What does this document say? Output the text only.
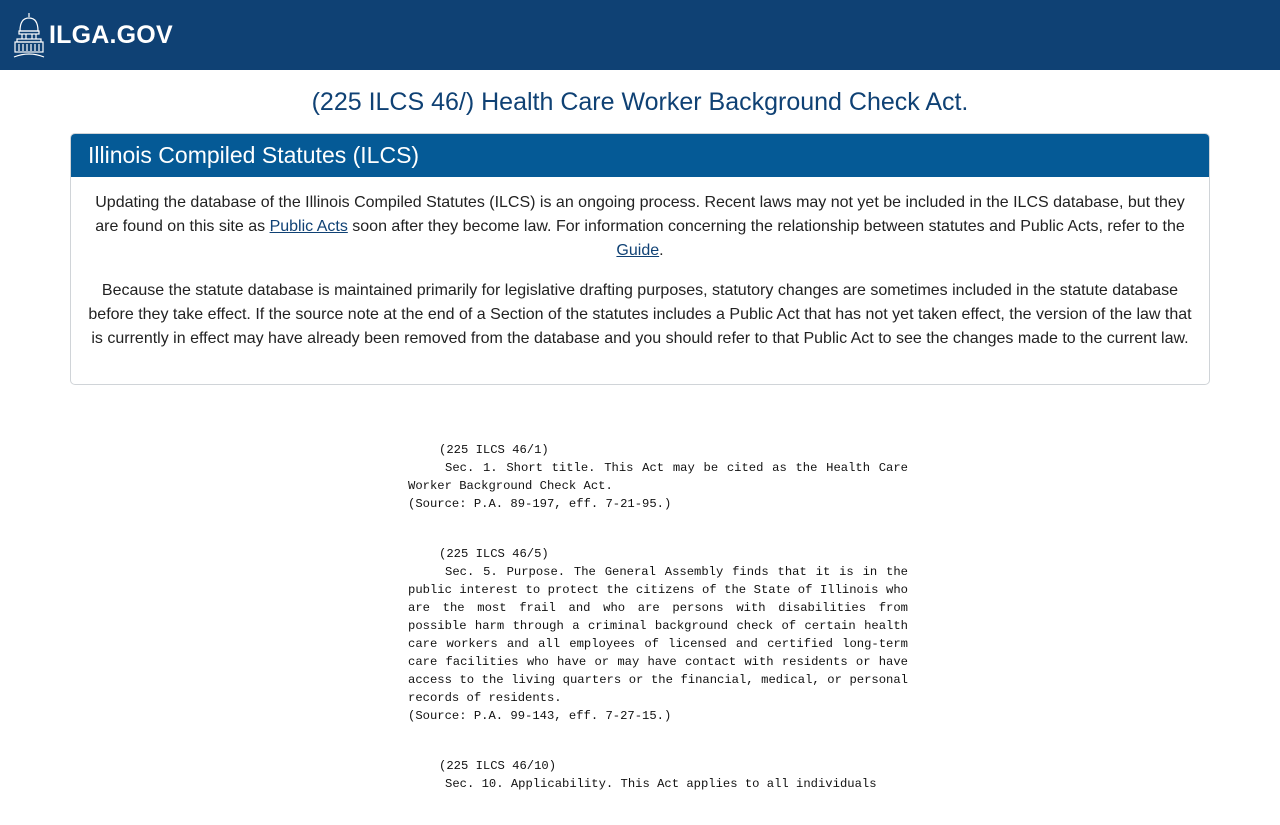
ILGA.GOV
(225 ILCS 46/) Health Care Worker Background Check Act.
Illinois Compiled Statutes (ILCS)

Updating the database of the Illinois Compiled Statutes (ILCS) is an ongoing process. Recent laws may not yet be included in the ILCS database, but they are found on this site as Public Acts soon after they become law. For information concerning the relationship between statutes and Public Acts, refer to the Guide.

Because the statute database is maintained primarily for legislative drafting purposes, statutory changes are sometimes included in the statute database before they take effect. If the source note at the end of a Section of the statutes includes a Public Act that has not yet taken effect, the version of the law that is currently in effect may have already been removed from the database and you should refer to that Public Act to see the changes made to the current law.

(225 ILCS 46/1)
Sec. 1. Short title. This Act may be cited as the Health Care Worker Background Check Act.
(Source: P.A. 89-197, eff. 7-21-95.)
(225 ILCS 46/5)
Sec. 5. Purpose. The General Assembly finds that it is in the public interest to protect the citizens of the State of Illinois who are the most frail and who are persons with disabilities from possible harm through a criminal background check of certain health care workers and all employees of licensed and certified long-term care facilities who have or may have contact with residents or have access to the living quarters or the financial, medical, or personal records of residents.
(Source: P.A. 99-143, eff. 7-27-15.)
(225 ILCS 46/10)
Sec. 10. Applicability. This Act applies to all individuals
